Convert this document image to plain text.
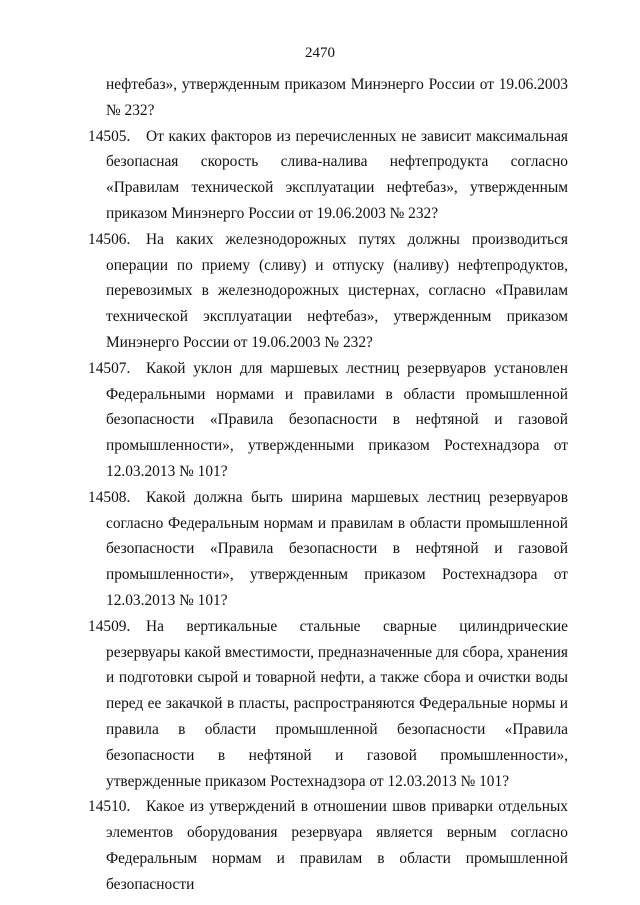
2470

нефтебаз», утвержденным приказом Минэнерго России от 19.06.2003 № 232?

14505. От каких факторов из перечисленных не зависит максимальная безопасная скорость слива-налива нефтепродукта согласно «Правилам технической эксплуатации нефтебаз», утвержденным приказом Минэнерго России от 19.06.2003 № 232?

14506. На каких железнодорожных путях должны производиться операции по приему (сливу) и отпуску (наливу) нефтепродуктов, перевозимых в железнодорожных цистернах, согласно «Правилам технической эксплуатации нефтебаз», утвержденным приказом Минэнерго России от 19.06.2003 № 232?

14507. Какой уклон для маршевых лестниц резервуаров установлен Федеральными нормами и правилами в области промышленной безопасности «Правила безопасности в нефтяной и газовой промышленности», утвержденными приказом Ростехнадзора от 12.03.2013 № 101?

14508. Какой должна быть ширина маршевых лестниц резервуаров согласно Федеральным нормам и правилам в области промышленной безопасности «Правила безопасности в нефтяной и газовой промышленности», утвержденным приказом Ростехнадзора от 12.03.2013 № 101?

14509. На вертикальные стальные сварные цилиндрические резервуары какой вместимости, предназначенные для сбора, хранения и подготовки сырой и товарной нефти, а также сбора и очистки воды перед ее закачкой в пласты, распространяются Федеральные нормы и правила в области промышленной безопасности «Правила безопасности в нефтяной и газовой промышленности», утвержденные приказом Ростехнадзора от 12.03.2013 № 101?

14510. Какое из утверждений в отношении швов приварки отдельных элементов оборудования резервуара является верным согласно Федеральным нормам и правилам в области промышленной безопасности
